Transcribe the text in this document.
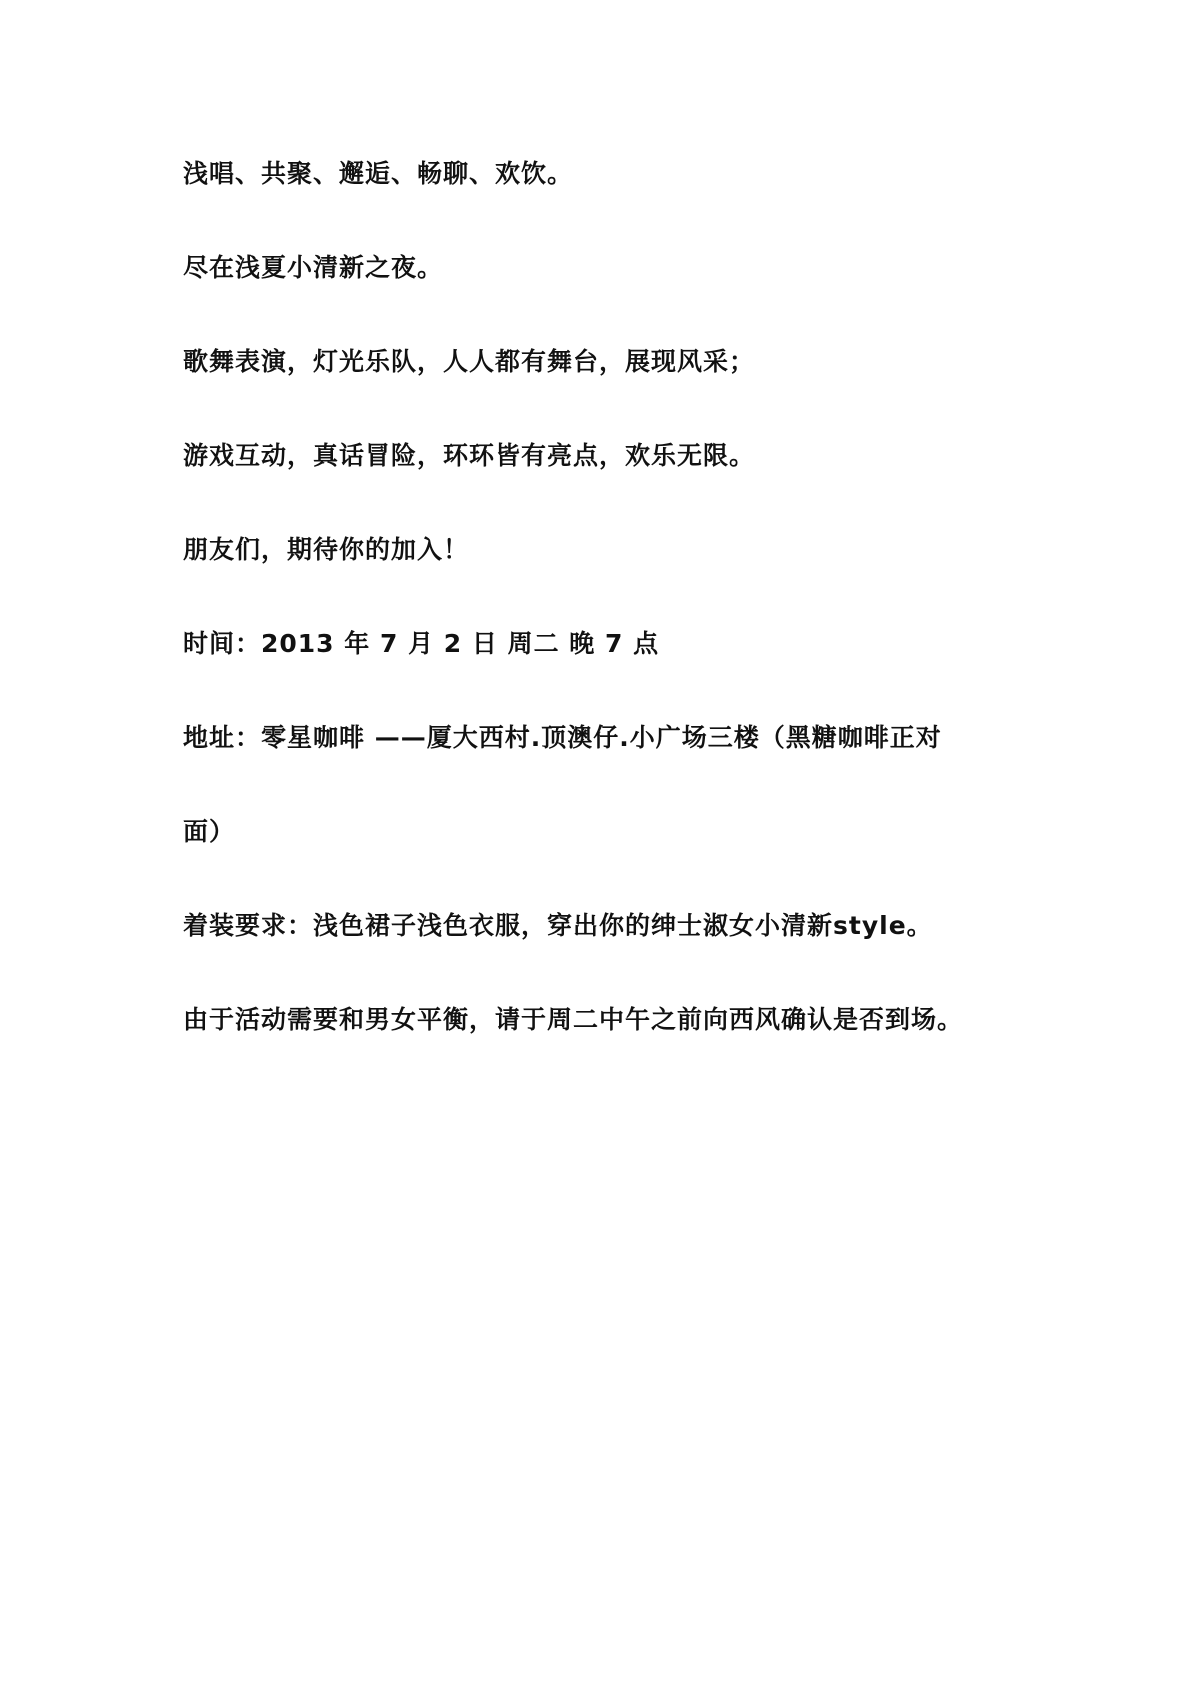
浅唱、共聚、邂逅、畅聊、欢饮。

尽在浅夏小清新之夜。

歌舞表演，灯光乐队，人人都有舞台，展现风采；

游戏互动，真话冒险，环环皆有亮点，欢乐无限。

朋友们，期待你的加入！

时间：2013 年 7 月 2 日 周二 晚 7 点

地址：零星咖啡 ——厦大西村.顶澳仔.小广场三楼（黑糖咖啡正对

面）

着装要求：浅色裙子浅色衣服，穿出你的绅士淑女小清新style。

由于活动需要和男女平衡，请于周二中午之前向西风确认是否到场。
